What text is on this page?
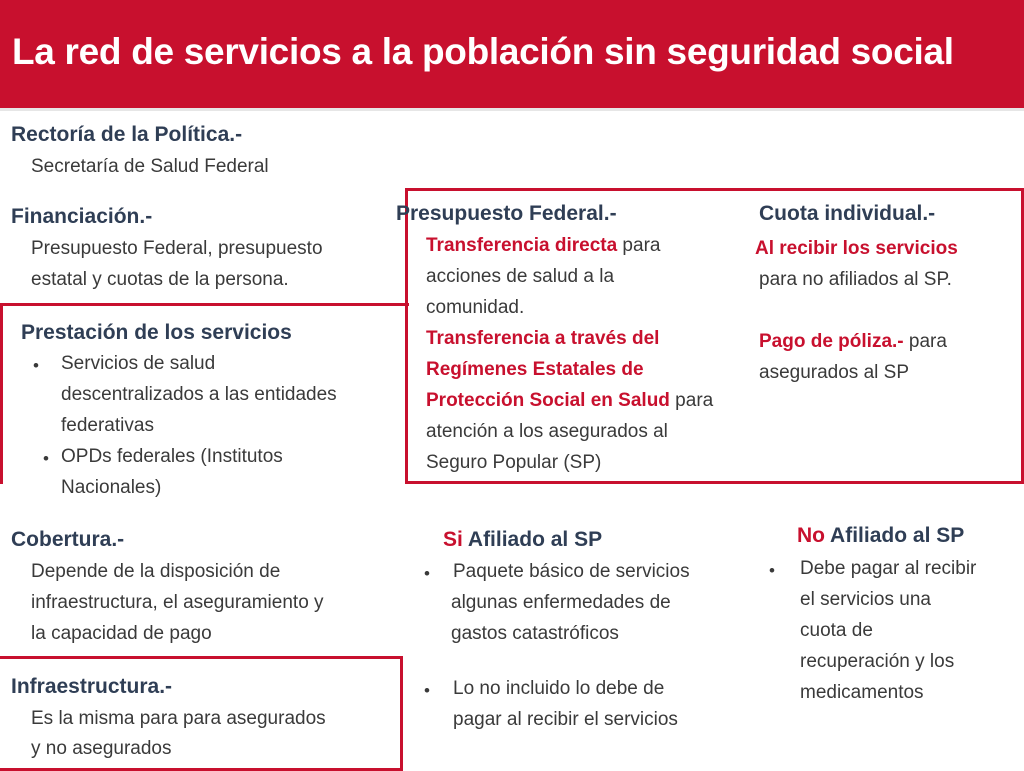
La red de servicios a la población sin seguridad social
Rectoría de la Política.-
Secretaría de Salud Federal
Financiación.-
Presupuesto Federal, presupuesto
estatal y cuotas de la persona.
Prestación de los servicios
• Servicios de salud
descentralizados a las entidades
federativas
• OPDs federales (Institutos
Nacionales)
Presupuesto Federal.-
Transferencia directa para
acciones de salud a la
comunidad.
Transferencia a través del
Regímenes Estatales de
Protección Social en Salud para
atención a los asegurados al
Seguro Popular (SP)
Cuota individual.-
Al recibir los servicios
para no afiliados al SP.
Pago de póliza.- para
asegurados al SP
Cobertura.-
Depende de la disposición de
infraestructura, el aseguramiento y
la capacidad de pago
Si Afiliado al SP
• Paquete básico de servicios
algunas enfermedades de
gastos catastróficos
• Lo no incluido lo debe de
pagar al recibir el servicios
No Afiliado al SP
• Debe pagar al recibir
el servicios una
cuota de
recuperación y los
medicamentos
Infraestructura.-
Es la misma para para asegurados
y no asegurados
